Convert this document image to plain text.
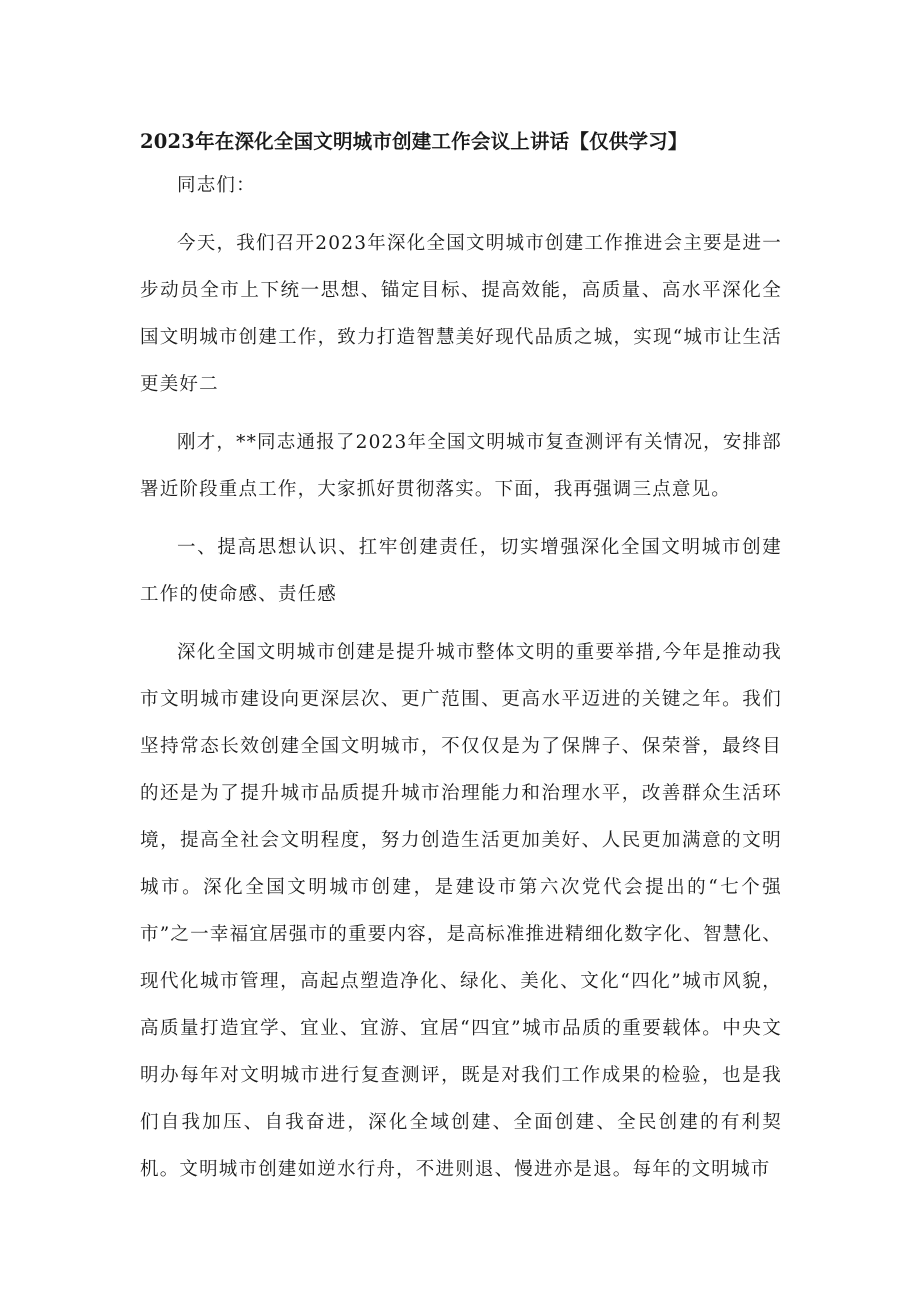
2023年在深化全国文明城市创建工作会议上讲话【仅供学习】

同志们：

今天，我们召开2023年深化全国文明城市创建工作推进会主要是进一步动员全市上下统一思想、锚定目标、提高效能，高质量、高水平深化全国文明城市创建工作，致力打造智慧美好现代品质之城，实现“城市让生活更美好二

刚才，**同志通报了2023年全国文明城市复查测评有关情况，安排部署近阶段重点工作，大家抓好贯彻落实。下面，我再强调三点意见。

一、提高思想认识、扛牢创建责任，切实增强深化全国文明城市创建工作的使命感、责任感

深化全国文明城市创建是提升城市整体文明的重要举措,今年是推动我市文明城市建设向更深层次、更广范围、更高水平迈进的关键之年。我们坚持常态长效创建全国文明城市，不仅仅是为了保牌子、保荣誉，最终目的还是为了提升城市品质提升城市治理能力和治理水平，改善群众生活环境，提高全社会文明程度，努力创造生活更加美好、人民更加满意的文明城市。深化全国文明城市创建，是建设市第六次党代会提出的“七个强市”之一幸福宜居强市的重要内容，是高标准推进精细化数字化、智慧化、现代化城市管理，高起点塑造净化、绿化、美化、文化“四化”城市风貌，高质量打造宜学、宜业、宜游、宜居“四宜”城市品质的重要载体。中央文明办每年对文明城市进行复查测评，既是对我们工作成果的检验，也是我们自我加压、自我奋进，深化全域创建、全面创建、全民创建的有利契机。文明城市创建如逆水行舟，不进则退、慢进亦是退。每年的文明城市
